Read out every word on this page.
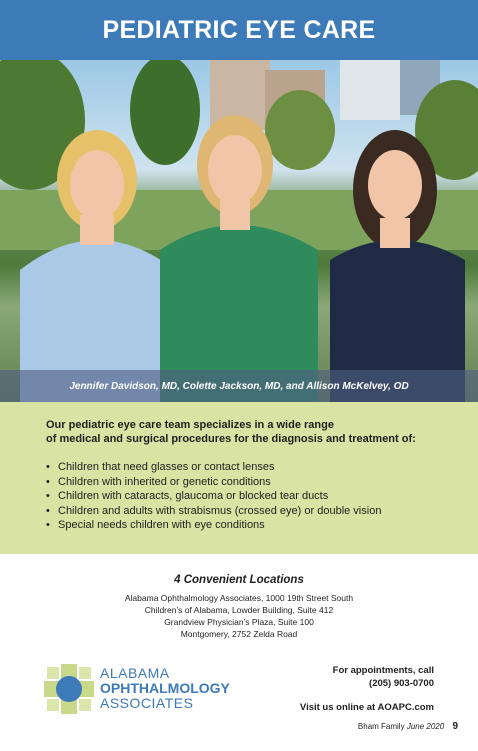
PEDIATRIC EYE CARE
Jennifer Davidson, MD, Colette Jackson, MD, and Allison McKelvey, OD
Our pediatric eye care team specializes in a wide range
of medical and surgical procedures for the diagnosis and treatment of:
• Children that need glasses or contact lenses
• Children with inherited or genetic conditions
• Children with cataracts, glaucoma or blocked tear ducts
• Children and adults with strabismus (crossed eye) or double vision
• Special needs children with eye conditions
4 Convenient Locations
Alabama Ophthalmology Associates, 1000 19th Street South
Children’s of Alabama, Lowder Building, Suite 412
Grandview Physician’s Plaza, Suite 100
Montgomery, 2752 Zelda Road
ALABAMA
OPHTHALMOLOGY
ASSOCIATES
For appointments, call
(205) 903-0700
Visit us online at AOAPC.com
Bham Family June 2020 9
